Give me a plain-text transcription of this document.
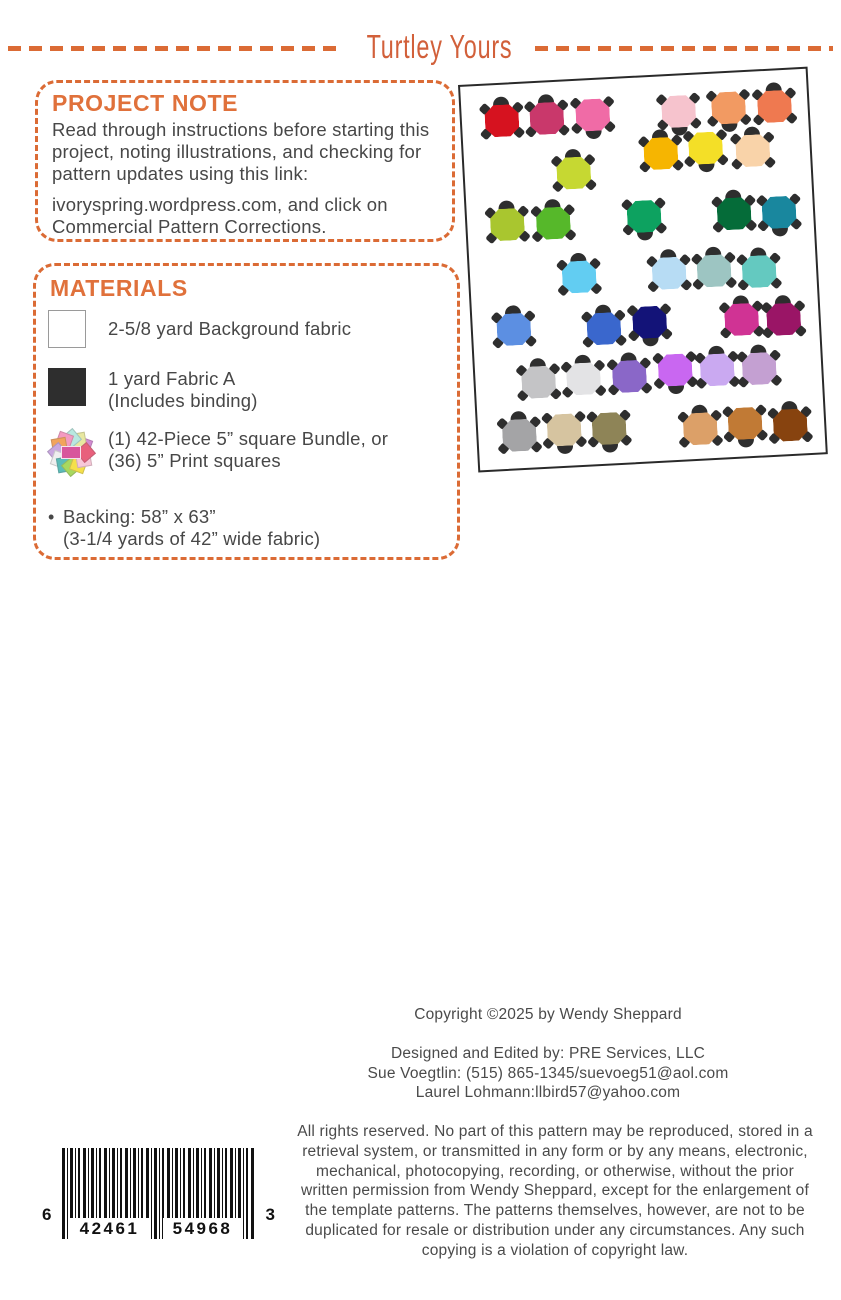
Turtley Yours
PROJECT NOTE
Read through instructions before starting this project, noting illustrations, and checking for pattern updates using this link:
ivoryspring.wordpress.com, and click on Commercial Pattern Corrections.
MATERIALS
2-5/8 yard Background fabric
1 yard Fabric A
(Includes binding)
(1) 42-Piece 5” square Bundle, or
(36) 5” Print squares
• Backing: 58” x 63”
(3-1/4 yards of 42” wide fabric)
Copyright ©2025 by Wendy Sheppard
Designed and Edited by: PRE Services, LLC
Sue Voegtlin: (515) 865-1345/suevoeg51@aol.com
Laurel Lohmann:llbird57@yahoo.com
All rights reserved. No part of this pattern may be reproduced, stored in a retrieval system, or transmitted in any form or by any means, electronic, mechanical, photocopying, recording, or otherwise, without the prior written permission from Wendy Sheppard, except for the enlargement of the template patterns. The patterns themselves, however, are not to be duplicated for resale or distribution under any circumstances. Any such copying is a violation of copyright law.
42461	54968
6	3
